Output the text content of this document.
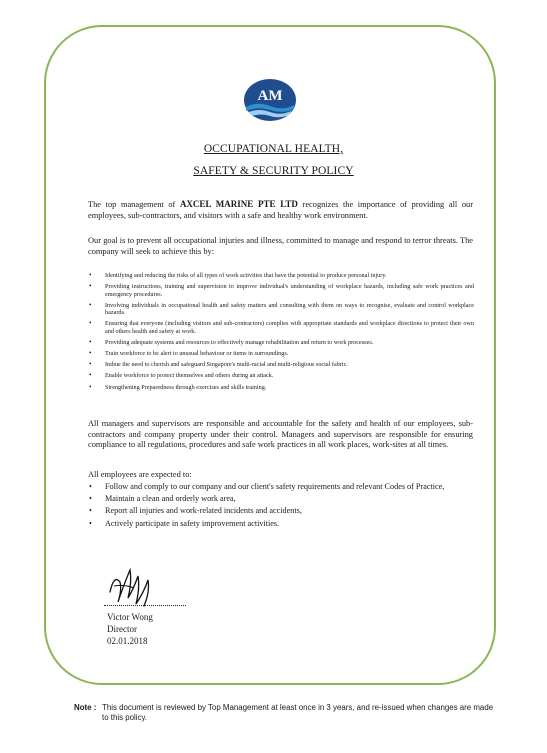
AM
OCCUPATIONAL HEALTH,
SAFETY & SECURITY POLICY
The top management of AXCEL MARINE PTE LTD recognizes the importance of providing all our employees, sub-contractors, and visitors with a safe and healthy work environment.
Our goal is to prevent all occupational injuries and illness, committed to manage and respond to terror threats. The company will seek to achieve this by:
• Identifying and reducing the risks of all types of work activities that have the potential to produce personal injury.
• Providing instructions, training and supervision to improve individual's understanding of workplace hazards, including safe work practices and emergency procedures.
• Involving individuals in occupational health and safety matters and consulting with them on ways to recognise, evaluate and control workplace hazards.
• Ensuring that everyone (including visitors and sub-contractors) complies with appropriate standards and workplace directions to protect their own and others health and safety at work.
• Providing adequate systems and resources to effectively manage rehabilitation and return to work processes.
• Train workforce to be alert to unusual behaviour or items in surroundings.
• Imbue the need to cherish and safeguard Singapore's multi-racial and multi-religious social fabric.
• Enable workforce to protect themselves and others during an attack.
• Strengthening Preparedness through exercises and skills training.
All managers and supervisors are responsible and accountable for the safety and health of our employees, sub-contractors and company property under their control. Managers and supervisors are responsible for ensuring compliance to all regulations, procedures and safe work practices in all work places, work-sites at all times.
All employees are expected to:
• Follow and comply to our company and our client's safety requirements and relevant Codes of Practice,
• Maintain a clean and orderly work area,
• Report all injuries and work-related incidents and accidents,
• Actively participate in safety improvement activities.
Victor Wong
Director
02.01.2018
Note : This document is reviewed by Top Management at least once in 3 years, and re-issued when changes are made to this policy.
